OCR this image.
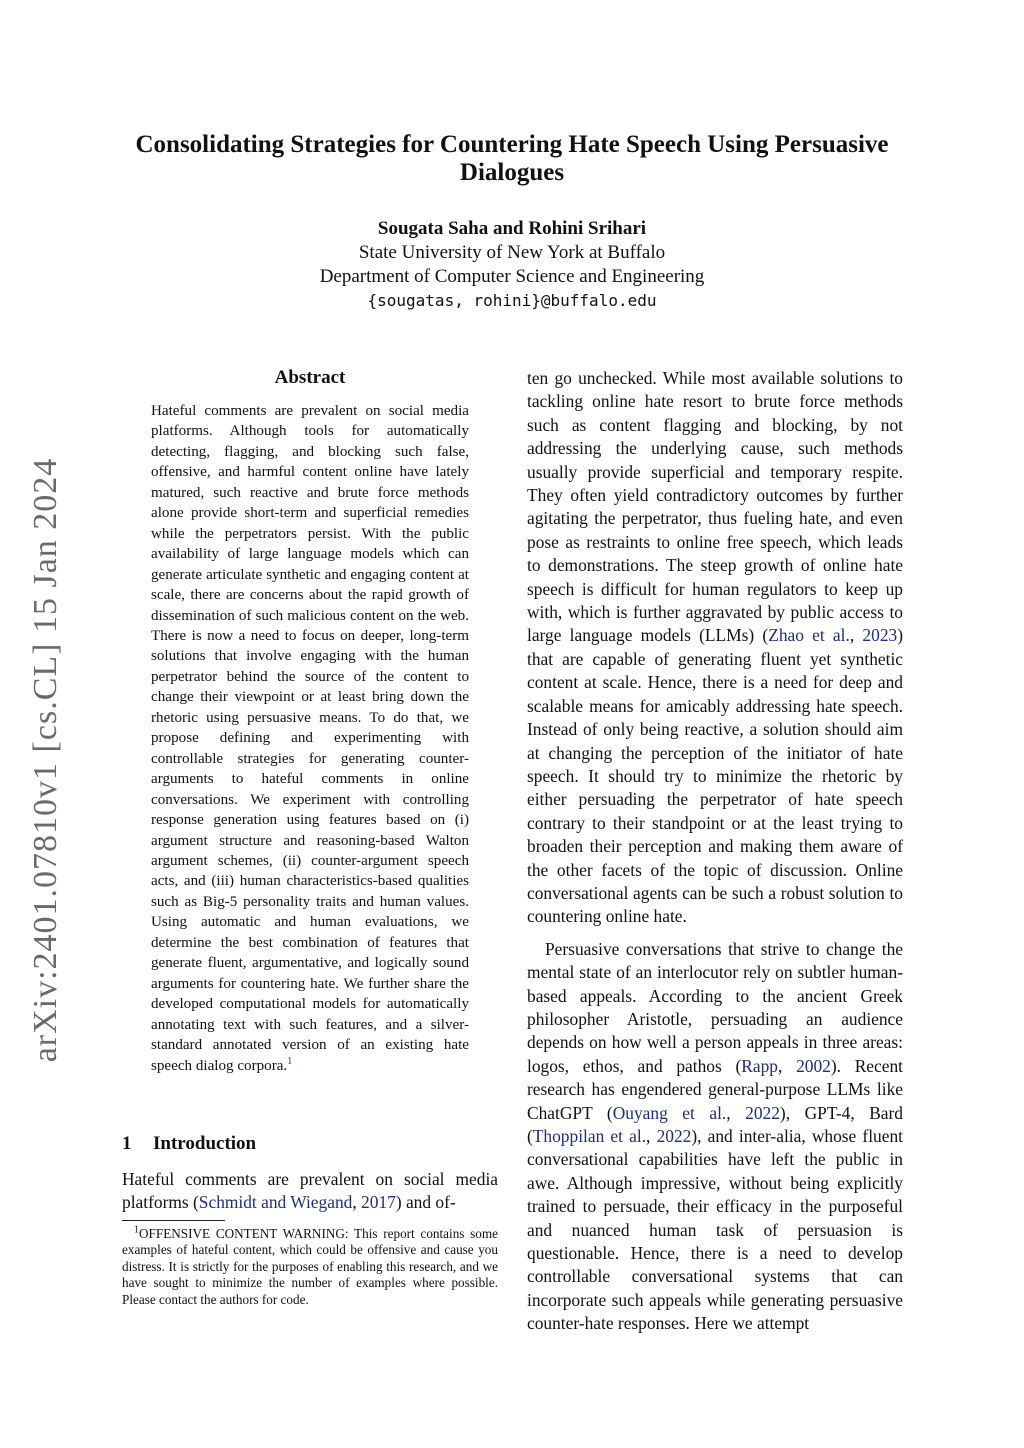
arXiv:2401.07810v1 [cs.CL] 15 Jan 2024
Consolidating Strategies for Countering Hate Speech Using Persuasive Dialogues
Sougata Saha and Rohini Srihari
State University of New York at Buffalo
Department of Computer Science and Engineering
{sougatas, rohini}@buffalo.edu
Abstract
Hateful comments are prevalent on social media platforms. Although tools for automatically detecting, flagging, and blocking such false, offensive, and harmful content online have lately matured, such reactive and brute force methods alone provide short-term and superficial remedies while the perpetrators persist. With the public availability of large language models which can generate articulate synthetic and engaging content at scale, there are concerns about the rapid growth of dissemination of such malicious content on the web. There is now a need to focus on deeper, long-term solutions that involve engaging with the human perpetrator behind the source of the content to change their viewpoint or at least bring down the rhetoric using persuasive means. To do that, we propose defining and experimenting with controllable strategies for generating counter-arguments to hateful comments in online conversations. We experiment with controlling response generation using features based on (i) argument structure and reasoning-based Walton argument schemes, (ii) counter-argument speech acts, and (iii) human characteristics-based qualities such as Big-5 personality traits and human values. Using automatic and human evaluations, we determine the best combination of features that generate fluent, argumentative, and logically sound arguments for countering hate. We further share the developed computational models for automatically annotating text with such features, and a silver-standard annotated version of an existing hate speech dialog corpora.$^1$
1 Introduction
Hateful comments are prevalent on social media platforms (Schmidt and Wiegand, 2017) and of-
$^1$OFFENSIVE CONTENT WARNING: This report contains some examples of hateful content, which could be offensive and cause you distress. It is strictly for the purposes of enabling this research, and we have sought to minimize the number of examples where possible. Please contact the authors for code.

ten go unchecked. While most available solutions to tackling online hate resort to brute force methods such as content flagging and blocking, by not addressing the underlying cause, such methods usually provide superficial and temporary respite. They often yield contradictory outcomes by further agitating the perpetrator, thus fueling hate, and even pose as restraints to online free speech, which leads to demonstrations. The steep growth of online hate speech is difficult for human regulators to keep up with, which is further aggravated by public access to large language models (LLMs) (Zhao et al., 2023) that are capable of generating fluent yet synthetic content at scale. Hence, there is a need for deep and scalable means for amicably addressing hate speech. Instead of only being reactive, a solution should aim at changing the perception of the initiator of hate speech. It should try to minimize the rhetoric by either persuading the perpetrator of hate speech contrary to their standpoint or at the least trying to broaden their perception and making them aware of the other facets of the topic of discussion. Online conversational agents can be such a robust solution to countering online hate.

Persuasive conversations that strive to change the mental state of an interlocutor rely on subtler human-based appeals. According to the ancient Greek philosopher Aristotle, persuading an audience depends on how well a person appeals in three areas: logos, ethos, and pathos (Rapp, 2002). Recent research has engendered general-purpose LLMs like ChatGPT (Ouyang et al., 2022), GPT-4, Bard (Thoppilan et al., 2022), and inter-alia, whose fluent conversational capabilities have left the public in awe. Although impressive, without being explicitly trained to persuade, their efficacy in the purposeful and nuanced human task of persuasion is questionable. Hence, there is a need to develop controllable conversational systems that can incorporate such appeals while generating persuasive counter-hate responses. Here we attempt
